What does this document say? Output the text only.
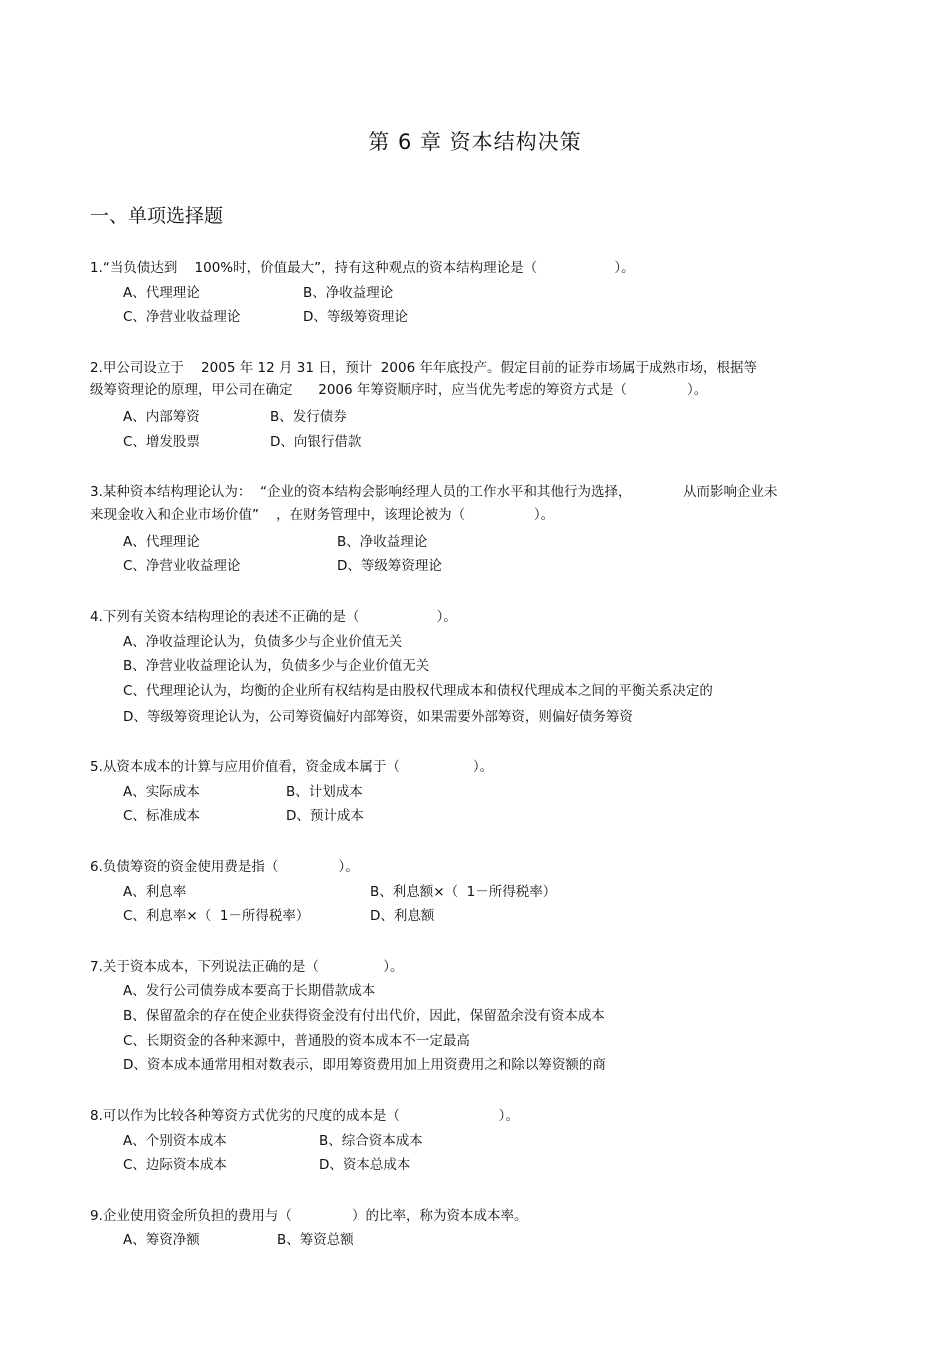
第 6 章 资本结构决策
一、单项选择题
1.“当负债达到    100%时，价值最大”，持有这种观点的资本结构理论是（                  ）。
A、代理理论	B、净收益理论
C、净营业收益理论	D、等级筹资理论
2.甲公司设立于    2005 年 12 月 31 日，预计  2006 年年底投产。假定目前的证券市场属于成熟市场，根据等
级筹资理论的原理，甲公司在确定      2006 年筹资顺序时，应当优先考虑的筹资方式是（              ）。
A、内部筹资	B、发行债券
C、增发股票	D、向银行借款
3.某种资本结构理论认为：  “企业的资本结构会影响经理人员的工作水平和其他行为选择，            从而影响企业未
来现金收入和企业市场价值”    ，在财务管理中，该理论被为（                ）。
A、代理理论	B、净收益理论
C、净营业收益理论	D、等级筹资理论
4.下列有关资本结构理论的表述不正确的是（                  ）。
A、净收益理论认为，负债多少与企业价值无关
B、净营业收益理论认为，负债多少与企业价值无关
C、代理理论认为，均衡的企业所有权结构是由股权代理成本和债权代理成本之间的平衡关系决定的
D、等级筹资理论认为，公司筹资偏好内部筹资，如果需要外部筹资，则偏好债务筹资
5.从资本成本的计算与应用价值看，资金成本属于（                 ）。
A、实际成本	B、计划成本
C、标准成本	D、预计成本
6.负债筹资的资金使用费是指（              ）。
A、利息率	B、利息额×（  1－所得税率）
C、利息率×（  1－所得税率）	D、利息额
7.关于资本成本，下列说法正确的是（               ）。
A、发行公司债券成本要高于长期借款成本
B、保留盈余的存在使企业获得资金没有付出代价，因此，保留盈余没有资本成本
C、长期资金的各种来源中，普通股的资本成本不一定最高
D、资本成本通常用相对数表示，即用筹资费用加上用资费用之和除以筹资额的商
8.可以作为比较各种筹资方式优劣的尺度的成本是（                       ）。
A、个别资本成本	B、综合资本成本
C、边际资本成本	D、资本总成本
9.企业使用资金所负担的费用与（              ）的比率，称为资本成本率。
A、筹资净额	B、筹资总额
